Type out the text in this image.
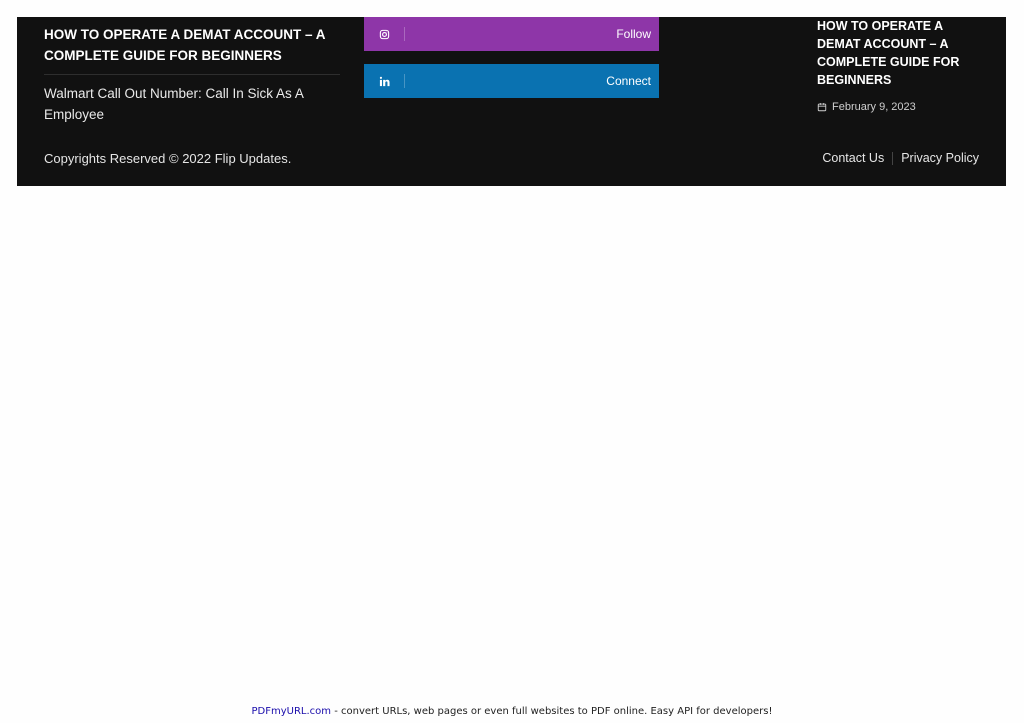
HOW TO OPERATE A DEMAT ACCOUNT – A COMPLETE GUIDE FOR BEGINNERS
Walmart Call Out Number: Call In Sick As A Employee
Follow
Connect
HOW TO OPERATE A DEMAT ACCOUNT – A COMPLETE GUIDE FOR BEGINNERS
February 9, 2023
Copyrights Reserved © 2022 Flip Updates.	Contact Us Privacy Policy
PDFmyURL.com - convert URLs, web pages or even full websites to PDF online. Easy API for developers!
